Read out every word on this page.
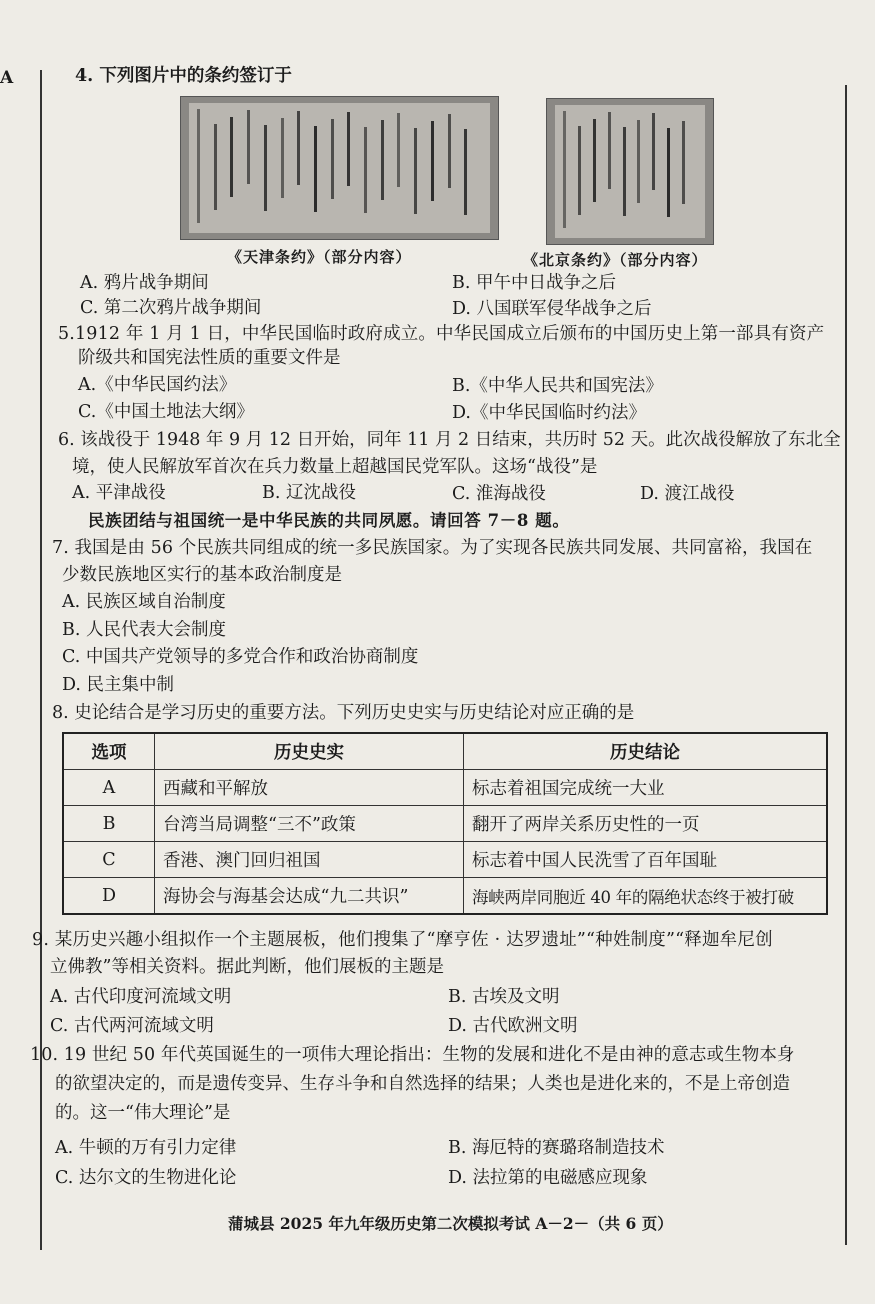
A	4. 下列图片中的条约签订于
《天津条约》（部分内容）	《北京条约》（部分内容）
A. 鸦片战争期间	B. 甲午中日战争之后
C. 第二次鸦片战争期间	D. 八国联军侵华战争之后
5.1912 年 1 月 1 日，中华民国临时政府成立。中华民国成立后颁布的中国历史上第一部具有资产
阶级共和国宪法性质的重要文件是
A.《中华民国约法》	B.《中华人民共和国宪法》
C.《中国土地法大纲》	D.《中华民国临时约法》
6. 该战役于 1948 年 9 月 12 日开始，同年 11 月 2 日结束，共历时 52 天。此次战役解放了东北全
境，使人民解放军首次在兵力数量上超越国民党军队。这场“战役”是
A. 平津战役	B. 辽沈战役	C. 淮海战役	D. 渡江战役
民族团结与祖国统一是中华民族的共同夙愿。请回答 7－8 题。
7. 我国是由 56 个民族共同组成的统一多民族国家。为了实现各民族共同发展、共同富裕，我国在
少数民族地区实行的基本政治制度是
A. 民族区域自治制度
B. 人民代表大会制度
C. 中国共产党领导的多党合作和政治协商制度
D. 民主集中制
8. 史论结合是学习历史的重要方法。下列历史史实与历史结论对应正确的是
选项	历史史实	历史结论
A	西藏和平解放	标志着祖国完成统一大业
B	台湾当局调整“三不”政策	翻开了两岸关系历史性的一页
C	香港、澳门回归祖国	标志着中国人民洗雪了百年国耻
D	海协会与海基会达成“九二共识”	海峡两岸同胞近 40 年的隔绝状态终于被打破
9. 某历史兴趣小组拟作一个主题展板，他们搜集了“摩亨佐 · 达罗遗址”“种姓制度”“释迦牟尼创
立佛教”等相关资料。据此判断，他们展板的主题是
A. 古代印度河流域文明	B. 古埃及文明
C. 古代两河流域文明	D. 古代欧洲文明
10. 19 世纪 50 年代英国诞生的一项伟大理论指出：生物的发展和进化不是由神的意志或生物本身
的欲望决定的，而是遗传变异、生存斗争和自然选择的结果；人类也是进化来的，不是上帝创造
的。这一“伟大理论”是
A. 牛顿的万有引力定律	B. 海厄特的赛璐珞制造技术
C. 达尔文的生物进化论	D. 法拉第的电磁感应现象
蒲城县 2025 年九年级历史第二次模拟考试 A－2－（共 6 页）
